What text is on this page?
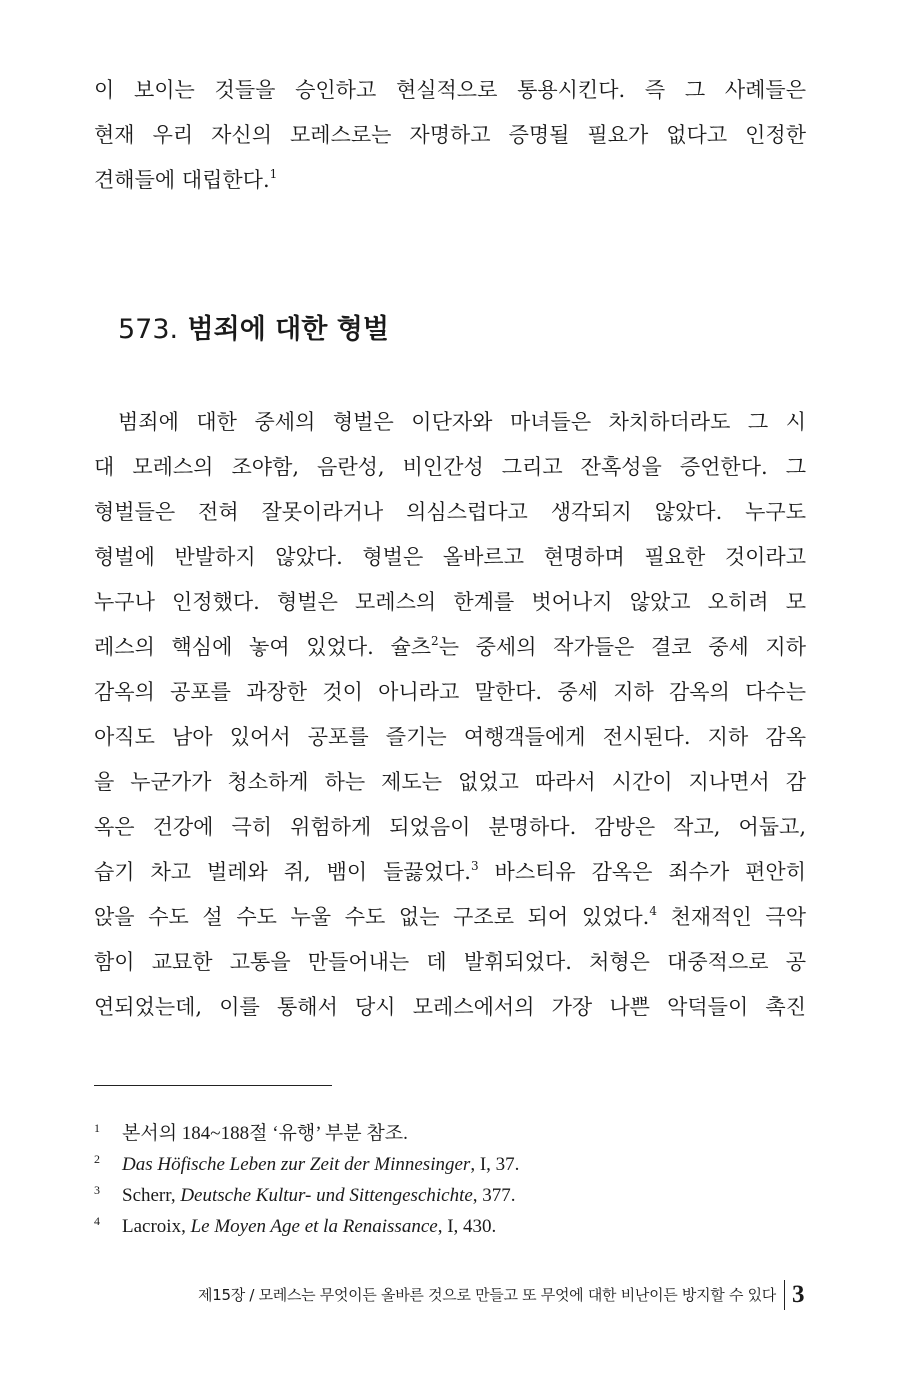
이 보이는 것들을 승인하고 현실적으로 통용시킨다. 즉 그 사례들은
현재 우리 자신의 모레스로는 자명하고 증명될 필요가 없다고 인정한
견해들에 대립한다.$^1$
573. 범죄에 대한 형벌
범죄에 대한 중세의 형벌은 이단자와 마녀들은 차치하더라도 그 시
대 모레스의 조야함, 음란성, 비인간성 그리고 잔혹성을 증언한다. 그
형벌들은 전혀 잘못이라거나 의심스럽다고 생각되지 않았다. 누구도
형벌에 반발하지 않았다. 형벌은 올바르고 현명하며 필요한 것이라고
누구나 인정했다. 형벌은 모레스의 한계를 벗어나지 않았고 오히려 모
레스의 핵심에 놓여 있었다. 슐츠$^2$는 중세의 작가들은 결코 중세 지하
감옥의 공포를 과장한 것이 아니라고 말한다. 중세 지하 감옥의 다수는
아직도 남아 있어서 공포를 즐기는 여행객들에게 전시된다. 지하 감옥
을 누군가가 청소하게 하는 제도는 없었고 따라서 시간이 지나면서 감
옥은 건강에 극히 위험하게 되었음이 분명하다. 감방은 작고, 어둡고,
습기 차고 벌레와 쥐, 뱀이 들끓었다.$^3$ 바스티유 감옥은 죄수가 편안히
앉을 수도 설 수도 누울 수도 없는 구조로 되어 있었다.$^4$ 천재적인 극악
함이 교묘한 고통을 만들어내는 데 발휘되었다. 처형은 대중적으로 공
연되었는데, 이를 통해서 당시 모레스에서의 가장 나쁜 악덕들이 촉진
1 본서의 184~188절 ‘유행’ 부분 참조.
2 Das Höfische Leben zur Zeit der Minnesinger, I, 37.
3 Scherr, Deutsche Kultur- und Sittengeschichte, 377.
4 Lacroix, Le Moyen Age et la Renaissance, I, 430.
제15장 / 모레스는 무엇이든 올바른 것으로 만들고 또 무엇에 대한 비난이든 방지할 수 있다 3
